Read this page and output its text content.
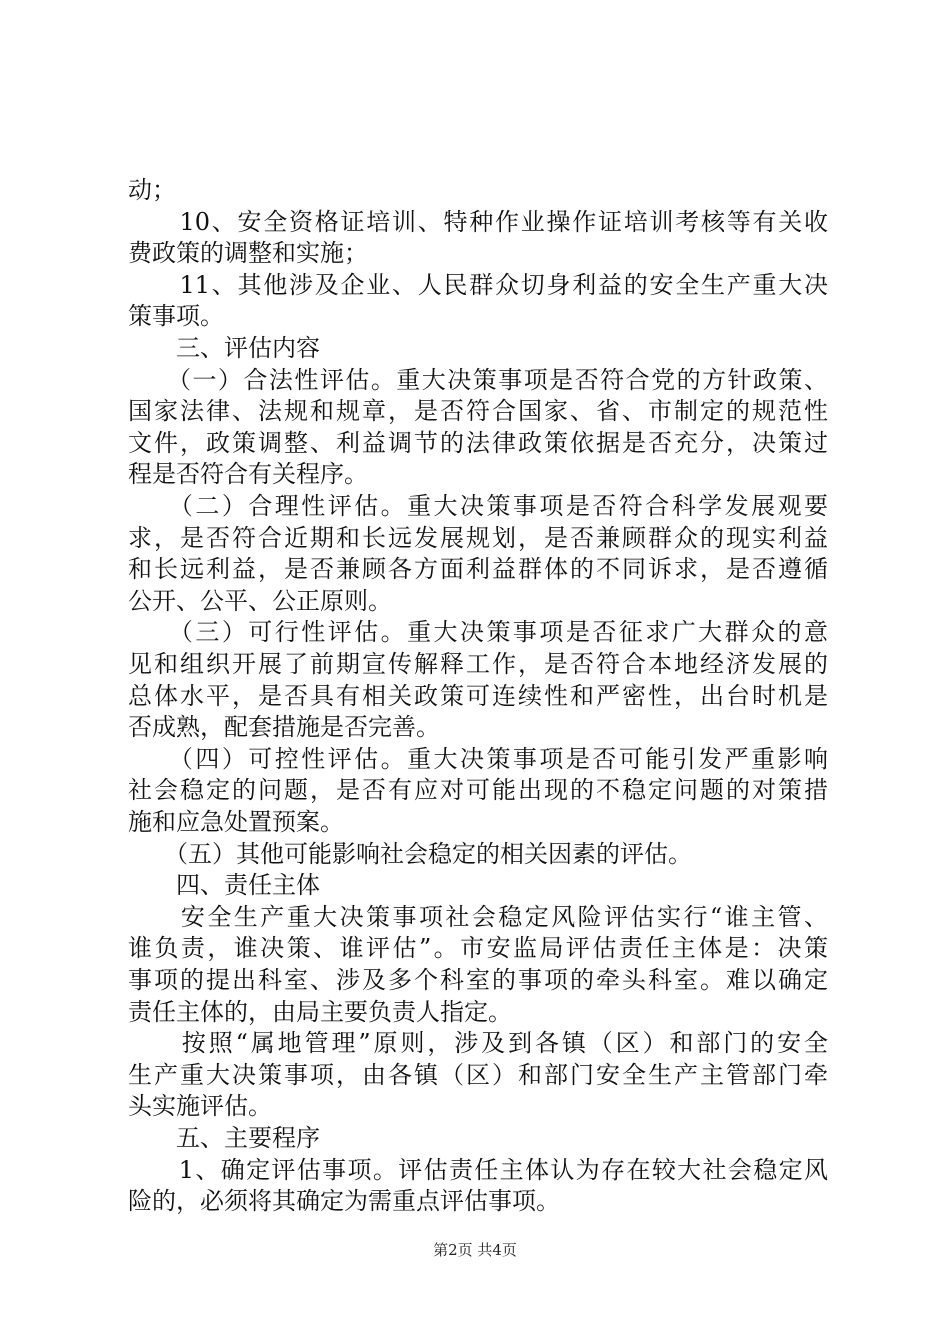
动；
　　10、安全资格证培训、特种作业操作证培训考核等有关收
费政策的调整和实施；
　　11、其他涉及企业、人民群众切身利益的安全生产重大决
策事项。
　　三、评估内容
　　（一）合法性评估。重大决策事项是否符合党的方针政策、
国家法律、法规和规章，是否符合国家、省、市制定的规范性
文件，政策调整、利益调节的法律政策依据是否充分，决策过
程是否符合有关程序。
　　（二）合理性评估。重大决策事项是否符合科学发展观要
求，是否符合近期和长远发展规划，是否兼顾群众的现实利益
和长远利益，是否兼顾各方面利益群体的不同诉求，是否遵循
公开、公平、公正原则。
　　（三）可行性评估。重大决策事项是否征求广大群众的意
见和组织开展了前期宣传解释工作，是否符合本地经济发展的
总体水平，是否具有相关政策可连续性和严密性，出台时机是
否成熟，配套措施是否完善。
　　（四）可控性评估。重大决策事项是否可能引发严重影响
社会稳定的问题，是否有应对可能出现的不稳定问题的对策措
施和应急处置预案。
　　（五）其他可能影响社会稳定的相关因素的评估。
　　四、责任主体
　　安全生产重大决策事项社会稳定风险评估实行“谁主管、
谁负责，谁决策、谁评估”。市安监局评估责任主体是：决策
事项的提出科室、涉及多个科室的事项的牵头科室。难以确定
责任主体的，由局主要负责人指定。
　　按照“属地管理”原则，涉及到各镇（区）和部门的安全
生产重大决策事项，由各镇（区）和部门安全生产主管部门牵
头实施评估。
　　五、主要程序
　　1、确定评估事项。评估责任主体认为存在较大社会稳定风
险的，必须将其确定为需重点评估事项。
第2页 共4页
